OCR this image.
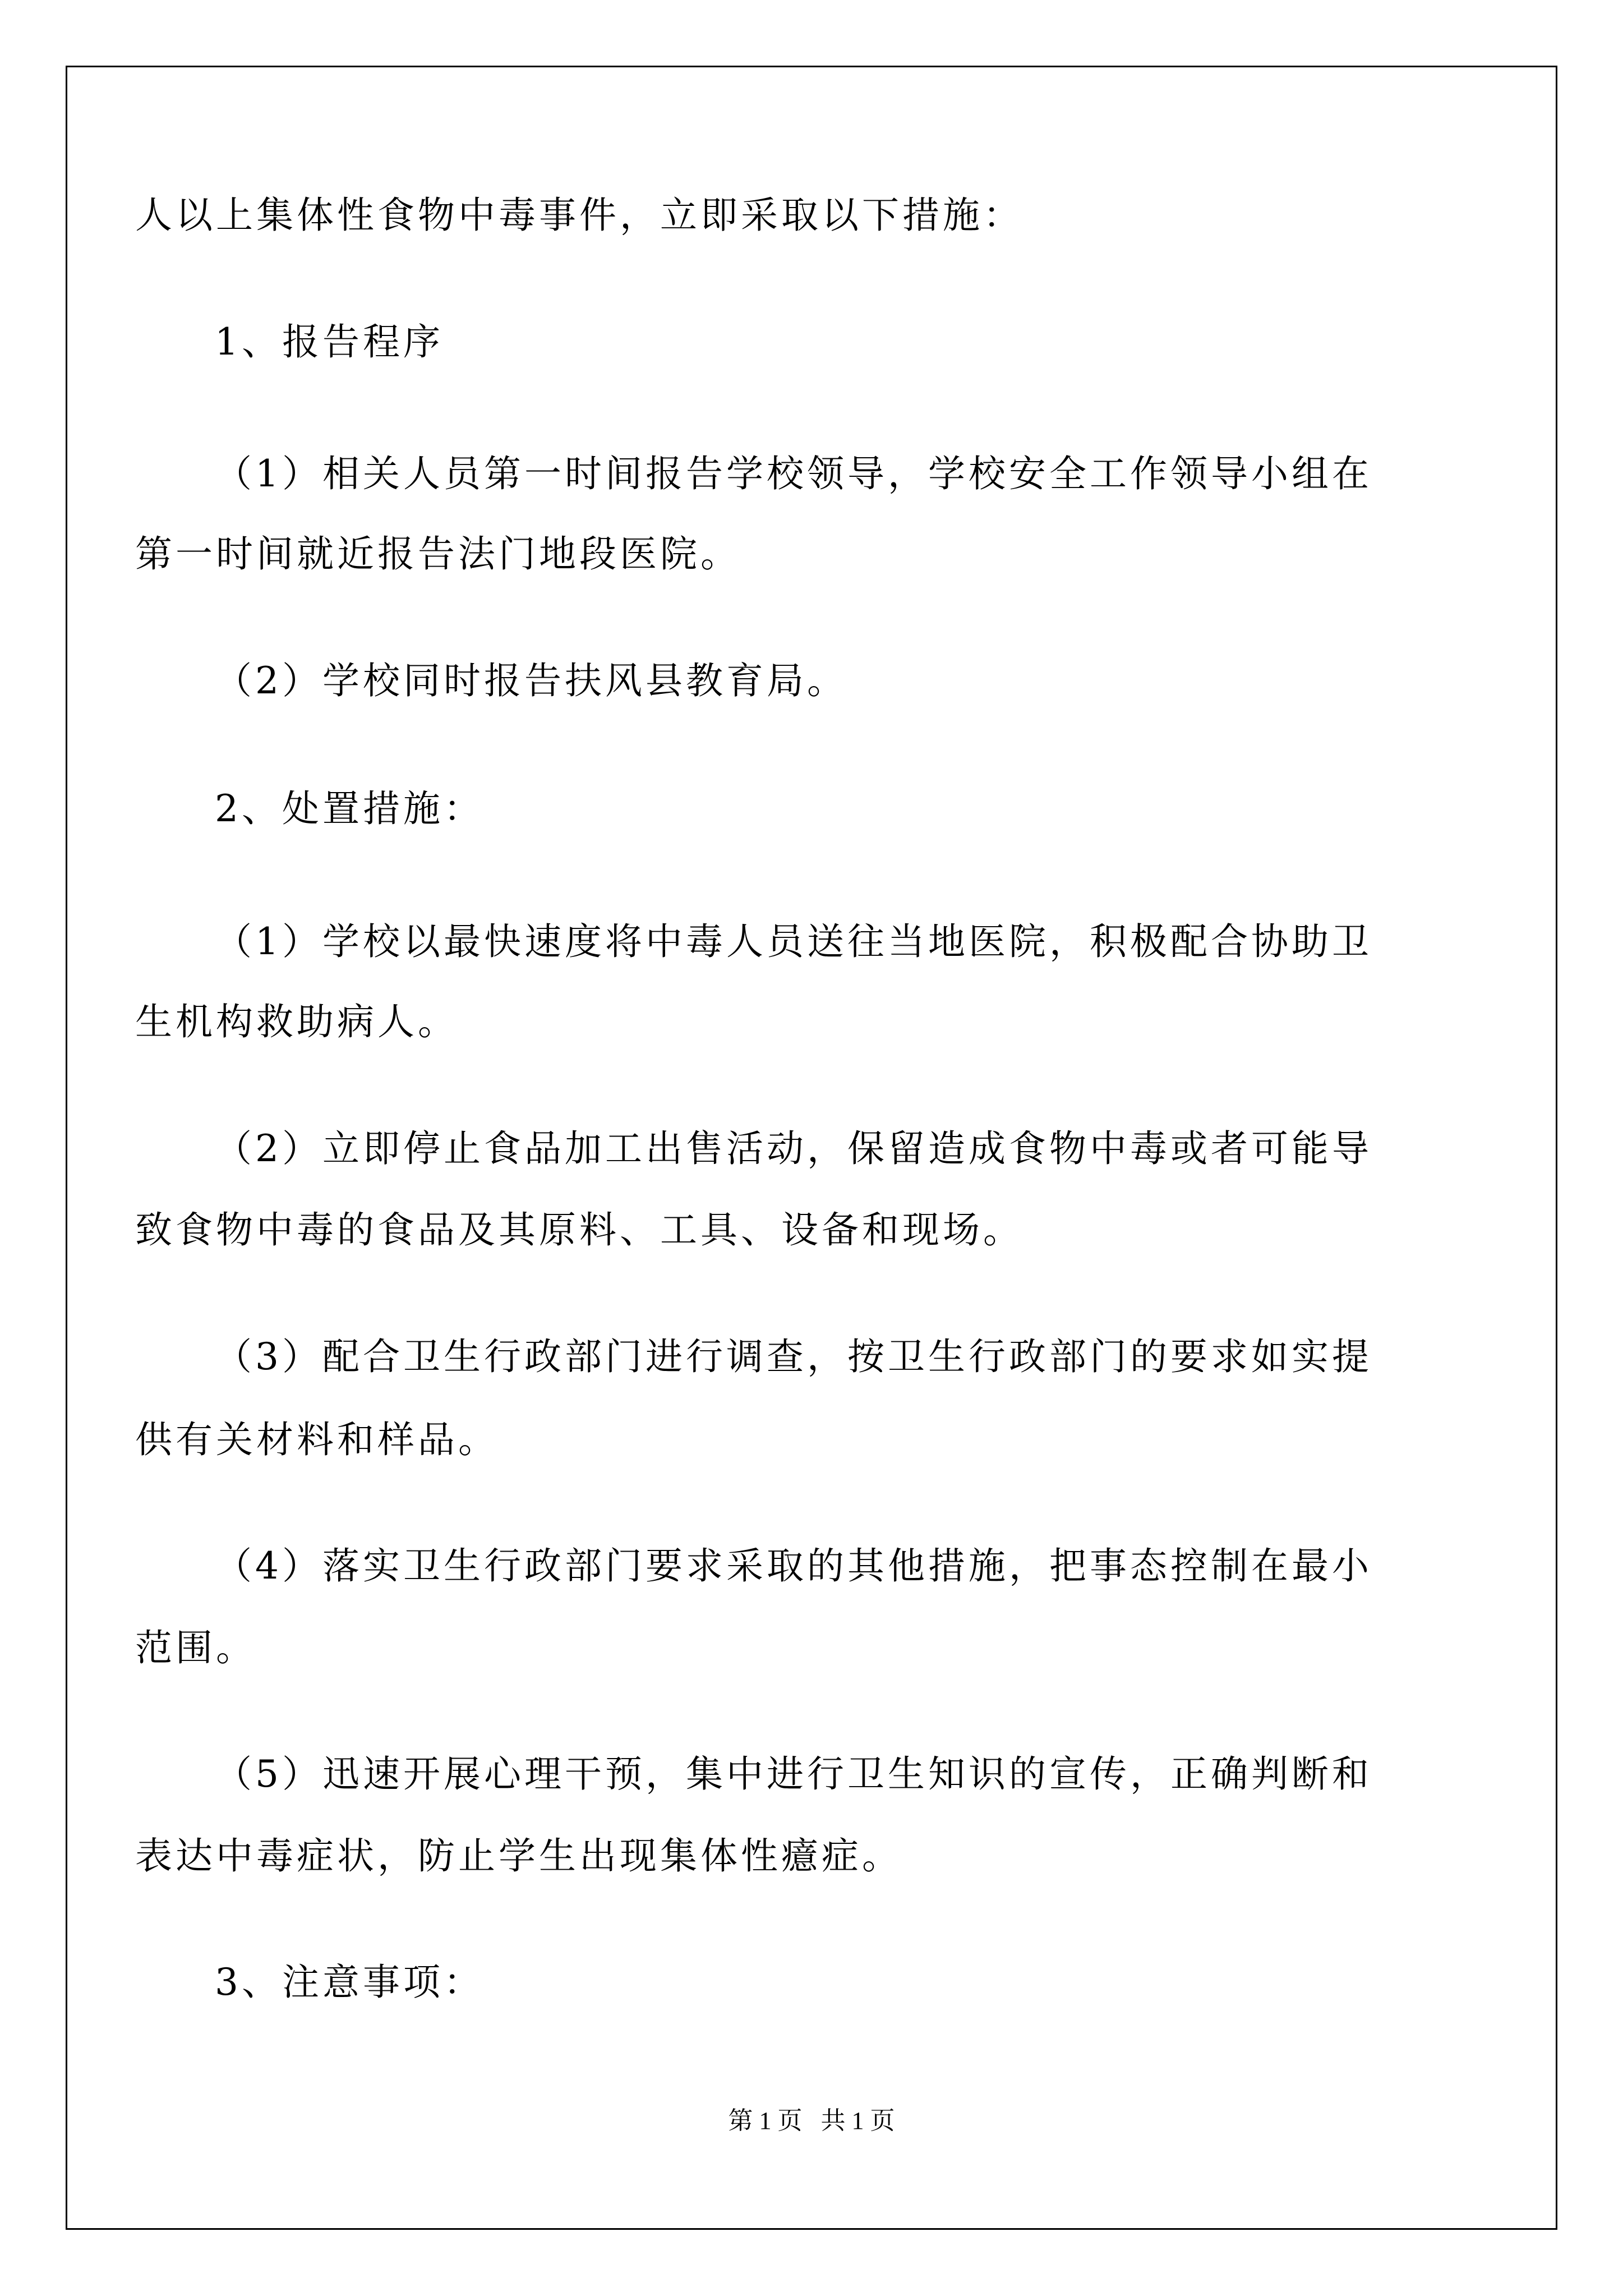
人以上集体性食物中毒事件，立即采取以下措施：
1、报告程序
（1）相关人员第一时间报告学校领导，学校安全工作领导小组在
第一时间就近报告法门地段医院。
（2）学校同时报告扶风县教育局。
2、处置措施：
（1）学校以最快速度将中毒人员送往当地医院，积极配合协助卫
生机构救助病人。
（2）立即停止食品加工出售活动，保留造成食物中毒或者可能导
致食物中毒的食品及其原料、工具、设备和现场。
（3）配合卫生行政部门进行调查，按卫生行政部门的要求如实提
供有关材料和样品。
（4）落实卫生行政部门要求采取的其他措施，把事态控制在最小
范围。
（5）迅速开展心理干预，集中进行卫生知识的宣传，正确判断和
表达中毒症状，防止学生出现集体性癔症。
3、注意事项：
第 1 页   共 1 页
